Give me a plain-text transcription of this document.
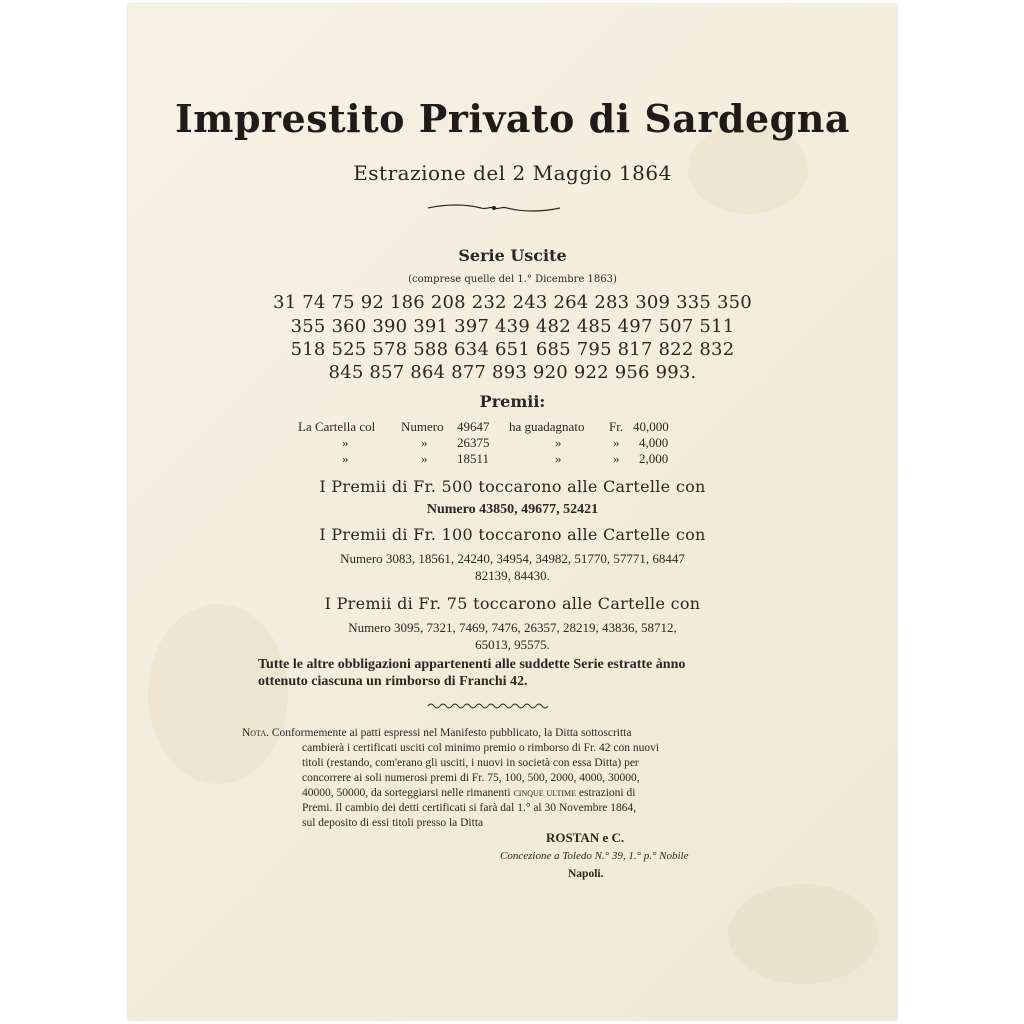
Imprestito Privato di Sardegna
Estrazione del 2 Maggio 1864
Serie Uscite
(comprese quelle del 1.° Dicembre 1863)
31 74 75 92 186 208 232 243 264 283 309 335 350
355 360 390 391 397 439 482 485 497 507 511
518 525 578 588 634 651 685 795 817 822 832
845 857 864 877 893 920 922 956 993.
Premii:
La Cartella col	Numero	49647	ha guadagnato	Fr.	40,000
»	»	26375	»	»	4,000
»	»	18511	»	»	2,000
I Premii di Fr. 500 toccarono alle Cartelle con
Numero 43850, 49677, 52421
I Premii di Fr. 100 toccarono alle Cartelle con
Numero 3083, 18561, 24240, 34954, 34982, 51770, 57771, 68447
82139, 84430.
I Premii di Fr. 75 toccarono alle Cartelle con
Numero 3095, 7321, 7469, 7476, 26357, 28219, 43836, 58712,
65013, 95575.
Tutte le altre obbligazioni appartenenti alle suddette Serie estratte ànno
ottenuto ciascuna un rimborso di Franchi 42.
Nota. Conformemente ai patti espressi nel Manifesto pubblicato, la Ditta sottoscritta
cambierà i certificati usciti col minimo premio o rimborso di Fr. 42 con nuovi
titoli (restando, com'erano gli usciti, i nuovi in società con essa Ditta) per
concorrere ai soli numerosi premi di Fr. 75, 100, 500, 2000, 4000, 30000,
40000, 50000, da sorteggiarsi nelle rimanenti cinque ultime estrazioni di
Premi. Il cambio dei detti certificati si farà dal 1.° al 30 Novembre 1864,
sul deposito di essi titoli presso la Ditta
ROSTAN e C.
Concezione a Toledo N.° 39, 1.° p.° Nobile
Napoli.
